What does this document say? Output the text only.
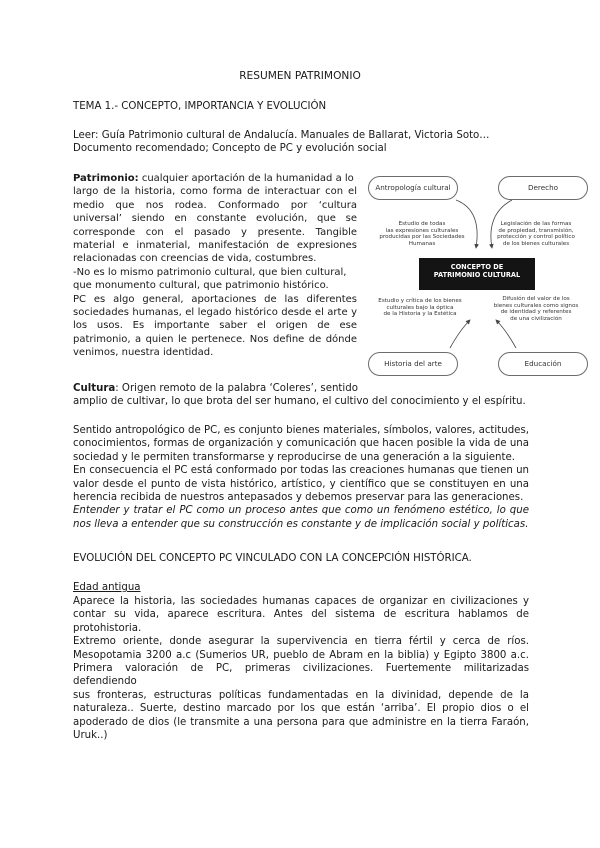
RESUMEN PATRIMONIO
TEMA 1.- CONCEPTO, IMPORTANCIA Y EVOLUCIÓN

Leer: Guía Patrimonio cultural de Andalucía. Manuales de Ballarat, Victoria Soto…

Documento recomendado; Concepto de PC y evolución social

Patrimonio: cualquier aportación de la humanidad a lo

largo de la historia, como forma de interactuar con el

medio que nos rodea. Conformado por ‘cultura

universal’ siendo en constante evolución, que se

corresponde con el pasado y presente. Tangible

material e inmaterial, manifestación de expresiones

relacionadas con creencias de vida, costumbres.

-No es lo mismo patrimonio cultural, que bien cultural,

que monumento cultural, que patrimonio histórico.

PC es algo general, aportaciones de las diferentes

sociedades humanas, el legado histórico desde el arte y

los usos. Es importante saber el origen de ese

patrimonio, a quien le pertenece. Nos define de dónde

venimos, nuestra identidad.

Antropología cultural	Derecho
Estudio de todas
las expresiones culturales
producidas por las Sociedades
Humanas
Legislación de las formas
de propiedad, transmisión,
protección y control político
de los bienes culturales
CONCEPTO DE
PATRIMONIO CULTURAL
Estudio y crítica de los bienes
culturales bajo la óptica
de la Historia y la Estética
Difusión del valor de los
bienes culturales como signos
de identidad y referentes
de una civilización
Historia del arte	Educación

Cultura: Origen remoto de la palabra ‘Coleres’, sentido

amplio de cultivar, lo que brota del ser humano, el cultivo del conocimiento y el espíritu.

Sentido antropológico de PC, es conjunto bienes materiales, símbolos, valores, actitudes,

conocimientos, formas de organización y comunicación que hacen posible la vida de una

sociedad y le permiten transformarse y reproducirse de una generación a la siguiente.

En consecuencia el PC está conformado por todas las creaciones humanas que tienen un

valor desde el punto de vista histórico, artístico, y científico que se constituyen en una

herencia recibida de nuestros antepasados y debemos preservar para las generaciones.

Entender y tratar el PC como un proceso antes que como un fenómeno estético, lo que

nos lleva a entender que su construcción es constante y de implicación social y políticas.

EVOLUCIÓN DEL CONCEPTO PC VINCULADO CON LA CONCEPCIÓN HISTÓRICA.
Edad antigua

Aparece la historia, las sociedades humanas capaces de organizar en civilizaciones y

contar su vida, aparece escritura. Antes del sistema de escritura hablamos de

protohistoria.

Extremo oriente, donde asegurar la supervivencia en tierra fértil y cerca de ríos.

Mesopotamia 3200 a.c (Sumerios UR, pueblo de Abram en la biblia) y Egipto 3800 a.c.

Primera valoración de PC, primeras civilizaciones. Fuertemente militarizadas defendiendo

sus fronteras, estructuras políticas fundamentadas en la divinidad, depende de la

naturaleza.. Suerte, destino marcado por los que están ‘arriba’. El propio dios o el

apoderado de dios (le transmite a una persona para que administre en la tierra Faraón,

Uruk..)
